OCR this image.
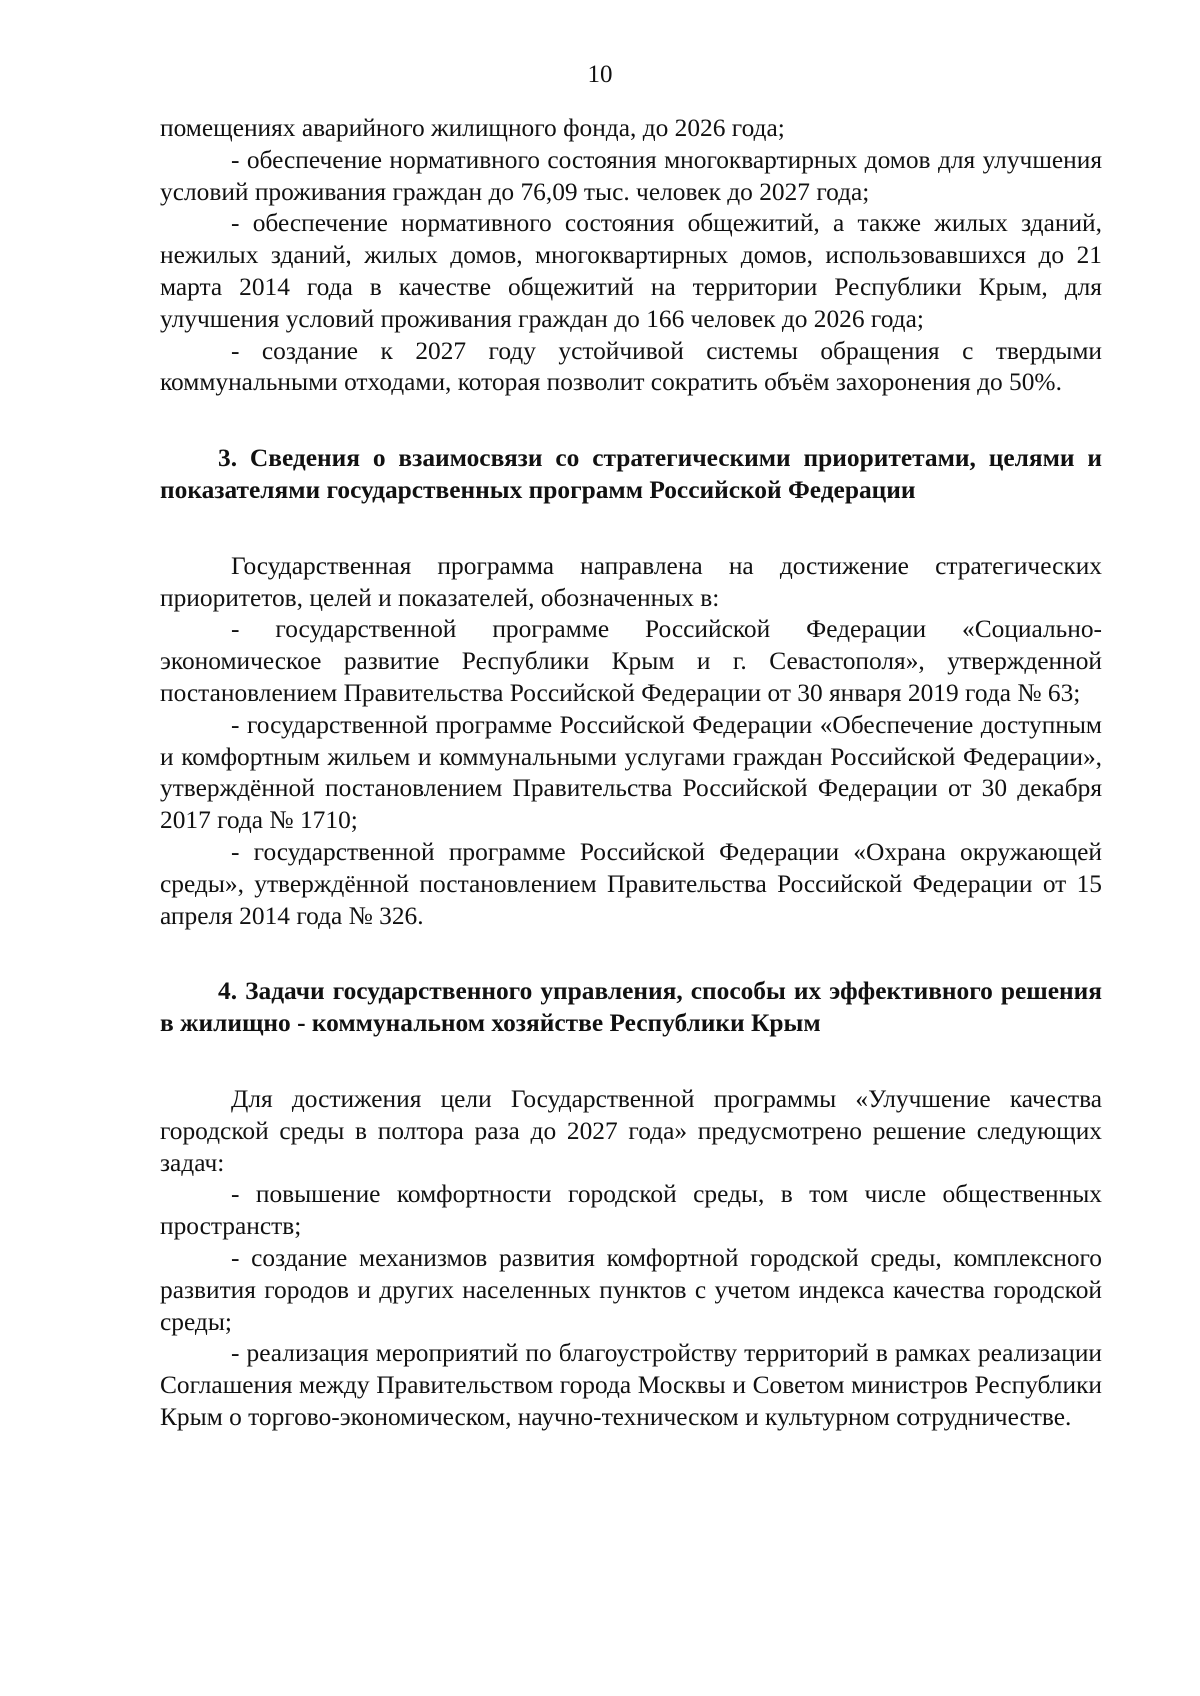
10

помещениях аварийного жилищного фонда, до 2026 года;

- обеспечение нормативного состояния многоквартирных домов для улучшения условий проживания граждан до 76,09 тыс. человек до 2027 года;

- обеспечение нормативного состояния общежитий, а также жилых зданий, нежилых зданий, жилых домов, многоквартирных домов, использовавшихся до 21 марта 2014 года в качестве общежитий на территории Республики Крым, для улучшения условий проживания граждан до 166 человек до 2026 года;

- создание к 2027 году устойчивой системы обращения с твердыми коммунальными отходами, которая позволит сократить объём захоронения до 50%.

3. Сведения о взаимосвязи со стратегическими приоритетами, целями и показателями государственных программ Российской Федерации

Государственная программа направлена на достижение стратегических приоритетов, целей и показателей, обозначенных в:

- государственной программе Российской Федерации «Социально-экономическое развитие Республики Крым и г. Севастополя», утвержденной постановлением Правительства Российской Федерации от 30 января 2019 года № 63;

- государственной программе Российской Федерации «Обеспечение доступным и комфортным жильем и коммунальными услугами граждан Российской Федерации», утверждённой постановлением Правительства Российской Федерации от 30 декабря 2017 года № 1710;

- государственной программе Российской Федерации «Охрана окружающей среды», утверждённой постановлением Правительства Российской Федерации от 15 апреля 2014 года № 326.

4. Задачи государственного управления, способы их эффективного решения в жилищно - коммунальном хозяйстве Республики Крым

Для достижения цели Государственной программы «Улучшение качества городской среды в полтора раза до 2027 года» предусмотрено решение следующих задач:

- повышение комфортности городской среды, в том числе общественных пространств;

- создание механизмов развития комфортной городской среды, комплексного развития городов и других населенных пунктов с учетом индекса качества городской среды;

- реализация мероприятий по благоустройству территорий в рамках реализации Соглашения между Правительством города Москвы и Советом министров Республики Крым о торгово-экономическом, научно-техническом и культурном сотрудничестве.
